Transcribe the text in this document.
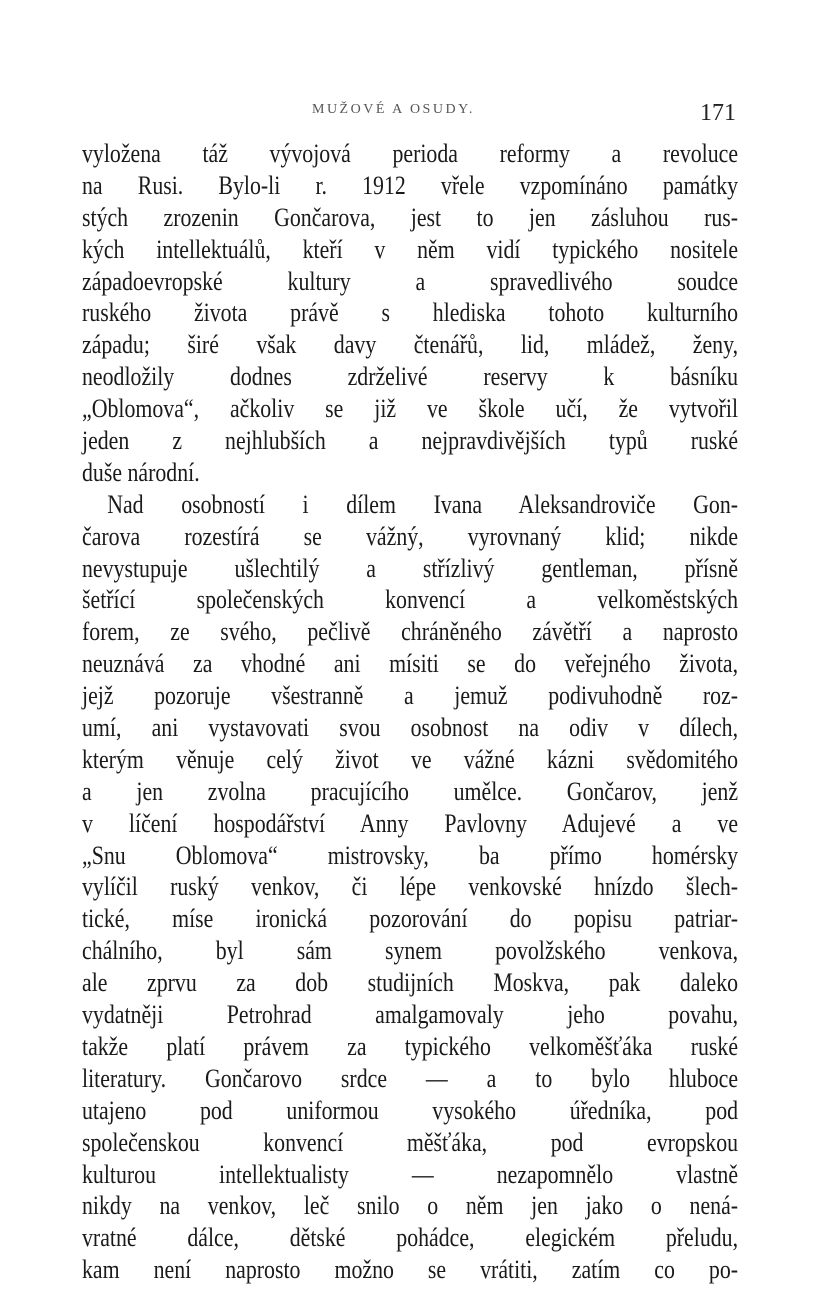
MUŽOVÉ A OSUDY.	171
vyložena táž vývojová perioda reformy a revoluce
na Rusi. Bylo-li r. 1912 vřele vzpomínáno památky
stých zrozenin Gončarova, jest to jen zásluhou rus-
kých intellektuálů, kteří v něm vidí typického nositele
západoevropské kultury a spravedlivého soudce
ruského života právě s hlediska tohoto kulturního
západu; širé však davy čtenářů, lid, mládež, ženy,
neodložily dodnes zdrželivé reservy k básníku
„Oblomova“, ačkoliv se již ve škole učí, že vytvořil
jeden z nejhlubších a nejpravdivějších typů ruské
duše národní.
Nad osobností i dílem Ivana Aleksandroviče Gon-
čarova rozestírá se vážný, vyrovnaný klid; nikde
nevystupuje ušlechtilý a střízlivý gentleman, přísně
šetřící společenských konvencí a velkoměstských
forem, ze svého, pečlivě chráněného závětří a naprosto
neuznává za vhodné ani mísiti se do veřejného života,
jejž pozoruje všestranně a jemuž podivuhodně roz-
umí, ani vystavovati svou osobnost na odiv v dílech,
kterým věnuje celý život ve vážné kázni svědomitého
a jen zvolna pracujícího umělce. Gončarov, jenž
v líčení hospodářství Anny Pavlovny Adujevé a ve
„Snu Oblomova“ mistrovsky, ba přímo homérsky
vylíčil ruský venkov, či lépe venkovské hnízdo šlech-
tické, míse ironická pozorování do popisu patriar-
chálního, byl sám synem povolžského venkova,
ale zprvu za dob studijních Moskva, pak daleko
vydatněji Petrohrad amalgamovaly jeho povahu,
takže platí právem za typického velkoměšťáka ruské
literatury. Gončarovo srdce — a to bylo hluboce
utajeno pod uniformou vysokého úředníka, pod
společenskou konvencí měšťáka, pod evropskou
kulturou intellektualisty — nezapomnělo vlastně
nikdy na venkov, leč snilo o něm jen jako o nená-
vratné dálce, dětské pohádce, elegickém přeludu,
kam není naprosto možno se vrátiti, zatím co po-
